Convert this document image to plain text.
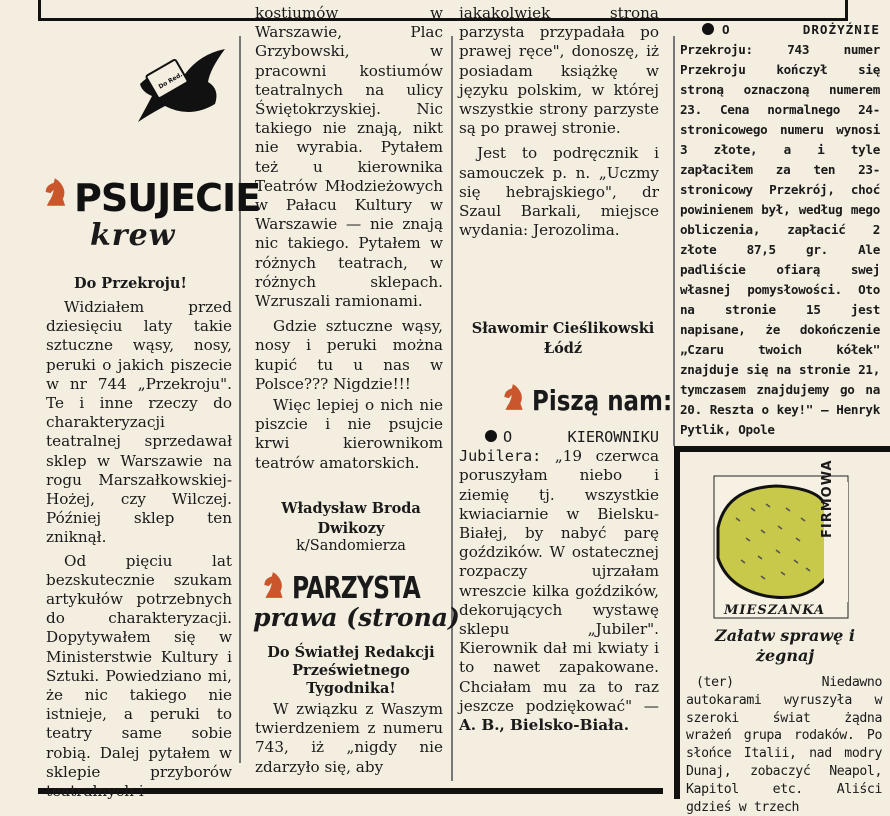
Do Red.
PSUJECIE
krew
Do Przekroju!

Widziałem przed dziesięciu laty takie sztuczne wąsy, nosy, peruki o jakich piszecie w nr 744 „Przekroju". Te i inne rzeczy do charakteryzacji teatralnej sprzedawał sklep w Warszawie na rogu Marszałkowskiej-Hożej, czy Wilczej. Później sklep ten zniknął.

Od pięciu lat bezskutecznie szukam artykułów potrzebnych do charakteryzacji. Dopytywałem się w Ministerstwie Kultury i Sztuki. Powiedziano mi, że nic takiego nie istnieje, a peruki to teatry same sobie robią. Dalej pytałem w sklepie przyborów teatralnych i

kostiumów w Warszawie, Plac Grzybowski, w pracowni kostiumów teatralnych na ulicy Świętokrzyskiej. Nic takiego nie znają, nikt nie wyrabia. Pytałem też u kierownika Teatrów Młodzieżowych w Pałacu Kultury w Warszawie — nie znają nic takiego. Pytałem w różnych teatrach, w różnych sklepach. Wzruszali ramionami.

Gdzie sztuczne wąsy, nosy i peruki można kupić tu u nas w Polsce??? Nigdzie!!!

Więc lepiej o nich nie piszcie i nie psujcie krwi kierownikom teatrów amatorskich.

Władysław Broda
Dwikozy
k/Sandomierza
PARZYSTA
prawa (strona)
Do Światłej Redakcji Prześwietnego Tygodnika!

W związku z Waszym twierdzeniem z numeru 743, iż „nigdy nie zdarzyło się, aby

jakakolwiek strona parzysta przypadała po prawej ręce", donoszę, iż posiadam książkę w języku polskim, w której wszystkie strony parzyste są po prawej stronie.

Jest to podręcznik i samouczek p. n. „Uczmy się hebrajskiego", dr Szaul Barkali, miejsce wydania: Jerozolima.

Sławomir Cieślikowski
Łódź
Piszą nam:

O KIEROWNIKU Jubilera: „19 czerwca poruszyłam niebo i ziemię tj. wszystkie kwiaciarnie w Bielsku-Białej, by nabyć parę goździków. W ostatecznej rozpaczy ujrzałam wreszcie kilka goździków, dekorujących wystawę sklepu „Jubiler". Kierownik dał mi kwiaty i to nawet zapakowane. Chciałam mu za to raz jeszcze podziękować" — A. B., Bielsko-Biała.

O DROŻYŹNIE Przekroju: 743 numer Przekroju kończył się stroną oznaczoną numerem 23. Cena normalnego 24-stronicowego numeru wynosi 3 złote, a i tyle zapłaciłem za ten 23-stronicowy Przekrój, choć powinienem był, według mego obliczenia, zapłacić 2 złote 87,5 gr. Ale padliście ofiarą swej własnej pomysłowości. Oto na stronie 15 jest napisane, że dokończenie „Czaru twoich kółek" znajduje się na stronie 21, tymczasem znajdujemy go na 20. Reszta o key!" — Henryk Pytlik, Opole

FIRMOWA
MIESZANKA
Załatw sprawę i żegnaj

(ter) Niedawno autokarami wyruszyła w szeroki świat żądna wrażeń grupa rodaków. Po słońce Italii, nad modry Dunaj, zobaczyć Neapol, Kapitol etc. Aliści gdzieś w trzech
